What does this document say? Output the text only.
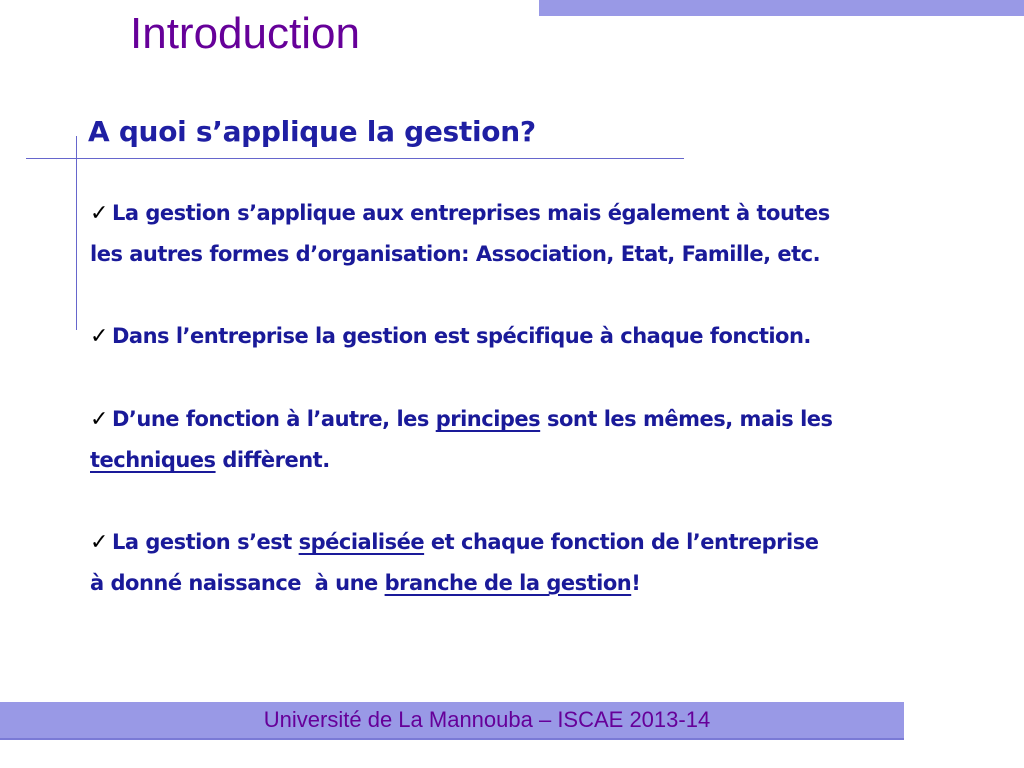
Introduction
A quoi s’applique la gestion?
✓ La gestion s’applique aux entreprises mais également à toutes
les autres formes d’organisation: Association, Etat, Famille, etc.
✓ Dans l’entreprise la gestion est spécifique à chaque fonction.
✓ D’une fonction à l’autre, les principes sont les mêmes, mais les
techniques diffèrent.
✓ La gestion s’est spécialisée et chaque fonction de l’entreprise
à donné naissance  à une branche de la gestion!
Université de La Mannouba – ISCAE 2013-14
